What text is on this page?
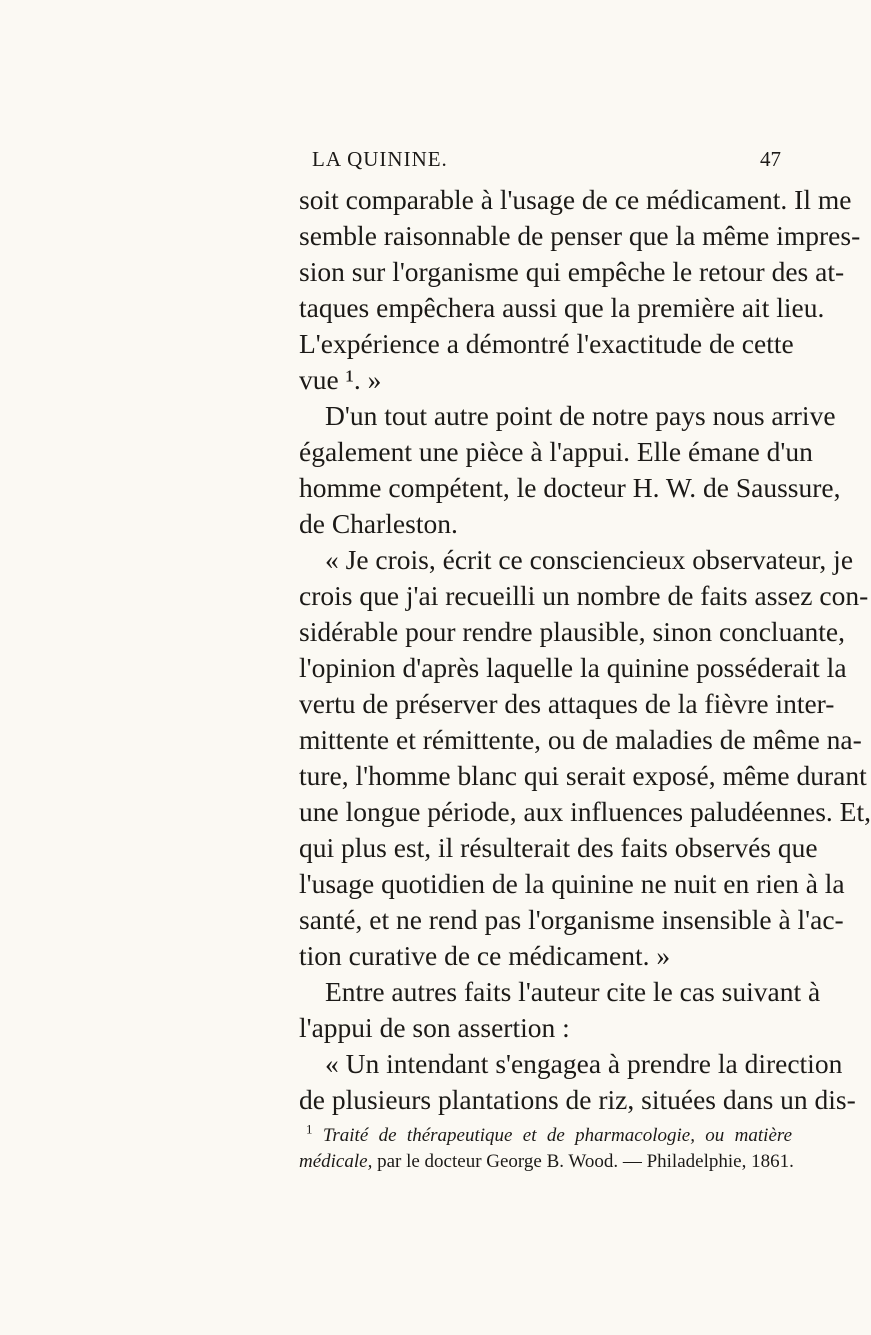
LA QUININE.	47
soit comparable à l'usage de ce médicament. Il me
semble raisonnable de penser que la même impres-
sion sur l'organisme qui empêche le retour des at-
taques empêchera aussi que la première ait lieu.
L'expérience a démontré l'exactitude de cette
vue ¹. »
D'un tout autre point de notre pays nous arrive
également une pièce à l'appui. Elle émane d'un
homme compétent, le docteur H. W. de Saussure,
de Charleston.
« Je crois, écrit ce consciencieux observateur, je
crois que j'ai recueilli un nombre de faits assez con-
sidérable pour rendre plausible, sinon concluante,
l'opinion d'après laquelle la quinine posséderait la
vertu de préserver des attaques de la fièvre inter-
mittente et rémittente, ou de maladies de même na-
ture, l'homme blanc qui serait exposé, même durant
une longue période, aux influences paludéennes. Et,
qui plus est, il résulterait des faits observés que
l'usage quotidien de la quinine ne nuit en rien à la
santé, et ne rend pas l'organisme insensible à l'ac-
tion curative de ce médicament. »
Entre autres faits l'auteur cite le cas suivant à
l'appui de son assertion :
« Un intendant s'engagea à prendre la direction
de plusieurs plantations de riz, situées dans un dis-
$^1$ Traité de thérapeutique et de pharmacologie, ou matière
médicale, par le docteur George B. Wood. — Philadelphie, 1861.
